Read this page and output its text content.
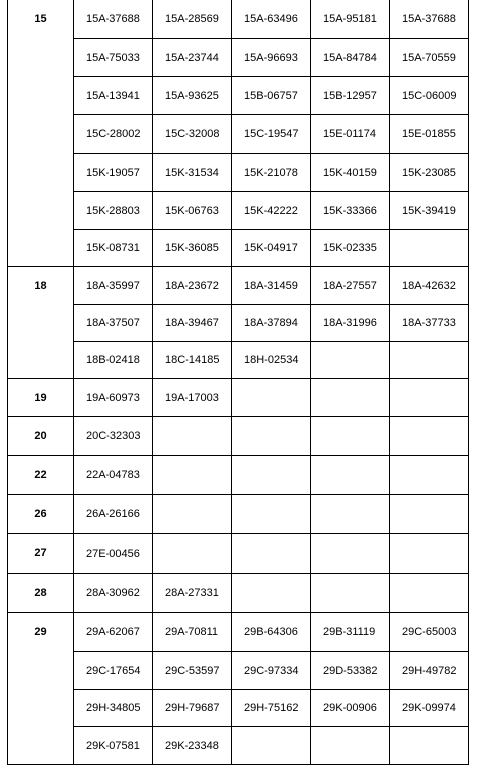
15	15A-37688	15A-28569	15A-63496	15A-95181	15A-37688
	15A-75033	15A-23744	15A-96693	15A-84784	15A-70559
	15A-13941	15A-93625	15B-06757	15B-12957	15C-06009
	15C-28002	15C-32008	15C-19547	15E-01174	15E-01855
	15K-19057	15K-31534	15K-21078	15K-40159	15K-23085
	15K-28803	15K-06763	15K-42222	15K-33366	15K-39419
	15K-08731	15K-36085	15K-04917	15K-02335	
18	18A-35997	18A-23672	18A-31459	18A-27557	18A-42632
	18A-37507	18A-39467	18A-37894	18A-31996	18A-37733
	18B-02418	18C-14185	18H-02534		
19	19A-60973	19A-17003			
20	20C-32303				
22	22A-04783				
26	26A-26166				
27	27E-00456				
28	28A-30962	28A-27331			
29	29A-62067	29A-70811	29B-64306	29B-31119	29C-65003
	29C-17654	29C-53597	29C-97334	29D-53382	29H-49782
	29H-34805	29H-79687	29H-75162	29K-00906	29K-09974
	29K-07581	29K-23348			
